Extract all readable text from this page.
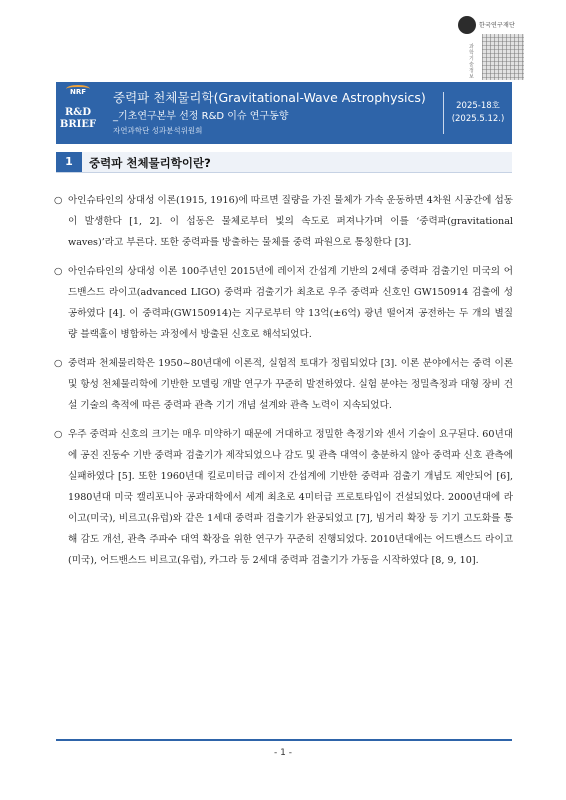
한국연구재단
과학기술정보
NRF
R&D
BRIEF
중력파 천체물리학(Gravitational-Wave Astrophysics)
_기초연구본부 선정 R&D 이슈 연구동향
자연과학단 성과분석위원회
2025-18호
(2025.5.12.)
1	중력파 천체물리학이란?

○ 아인슈타인의 상대성 이론(1915, 1916)에 따르면 질량을 가진 물체가 가속 운동하면 4차원 시공간에 섭동이 발생한다 [1, 2]. 이 섭동은 물체로부터 빛의 속도로 퍼져나가며 이를 ‘중력파(gravitational waves)’라고 부른다. 또한 중력파를 방출하는 물체를 중력 파원으로 통칭한다 [3].

○ 아인슈타인의 상대성 이론 100주년인 2015년에 레이저 간섭계 기반의 2세대 중력파 검출기인 미국의 어드밴스드 라이고(advanced LIGO) 중력파 검출기가 최초로 우주 중력파 신호인 GW150914 검출에 성공하였다 [4]. 이 중력파(GW150914)는 지구로부터 약 13억(±6억) 광년 떨어져 공전하는 두 개의 별질량 블랙홀이 병합하는 과정에서 방출된 신호로 해석되었다.

○ 중력파 천체물리학은 1950~80년대에 이론적, 실험적 토대가 정립되었다 [3]. 이론 분야에서는 중력 이론 및 항성 천체물리학에 기반한 모델링 개발 연구가 꾸준히 발전하였다. 실험 분야는 정밀측정과 대형 장비 건설 기술의 축적에 따른 중력파 관측 기기 개념 설계와 관측 노력이 지속되었다.

○ 우주 중력파 신호의 크기는 매우 미약하기 때문에 거대하고 정밀한 측정기와 센서 기술이 요구된다. 60년대에 공진 진동수 기반 중력파 검출기가 제작되었으나 감도 및 관측 대역이 충분하지 않아 중력파 신호 관측에 실패하였다 [5]. 또한 1960년대 킬로미터급 레이저 간섭계에 기반한 중력파 검출기 개념도 제안되어 [6], 1980년대 미국 캘리포니아 공과대학에서 세계 최초로 4미터급 프로토타입이 건설되었다. 2000년대에 라이고(미국), 비르고(유럽)와 같은 1세대 중력파 검출기가 완공되었고 [7], 빔거리 확장 등 기기 고도화를 통해 감도 개선, 관측 주파수 대역 확장을 위한 연구가 꾸준히 진행되었다. 2010년대에는 어드밴스드 라이고 (미국), 어드밴스드 비르고(유럽), 카그라 등 2세대 중력파 검출기가 가동을 시작하였다 [8, 9, 10].

- 1 -
